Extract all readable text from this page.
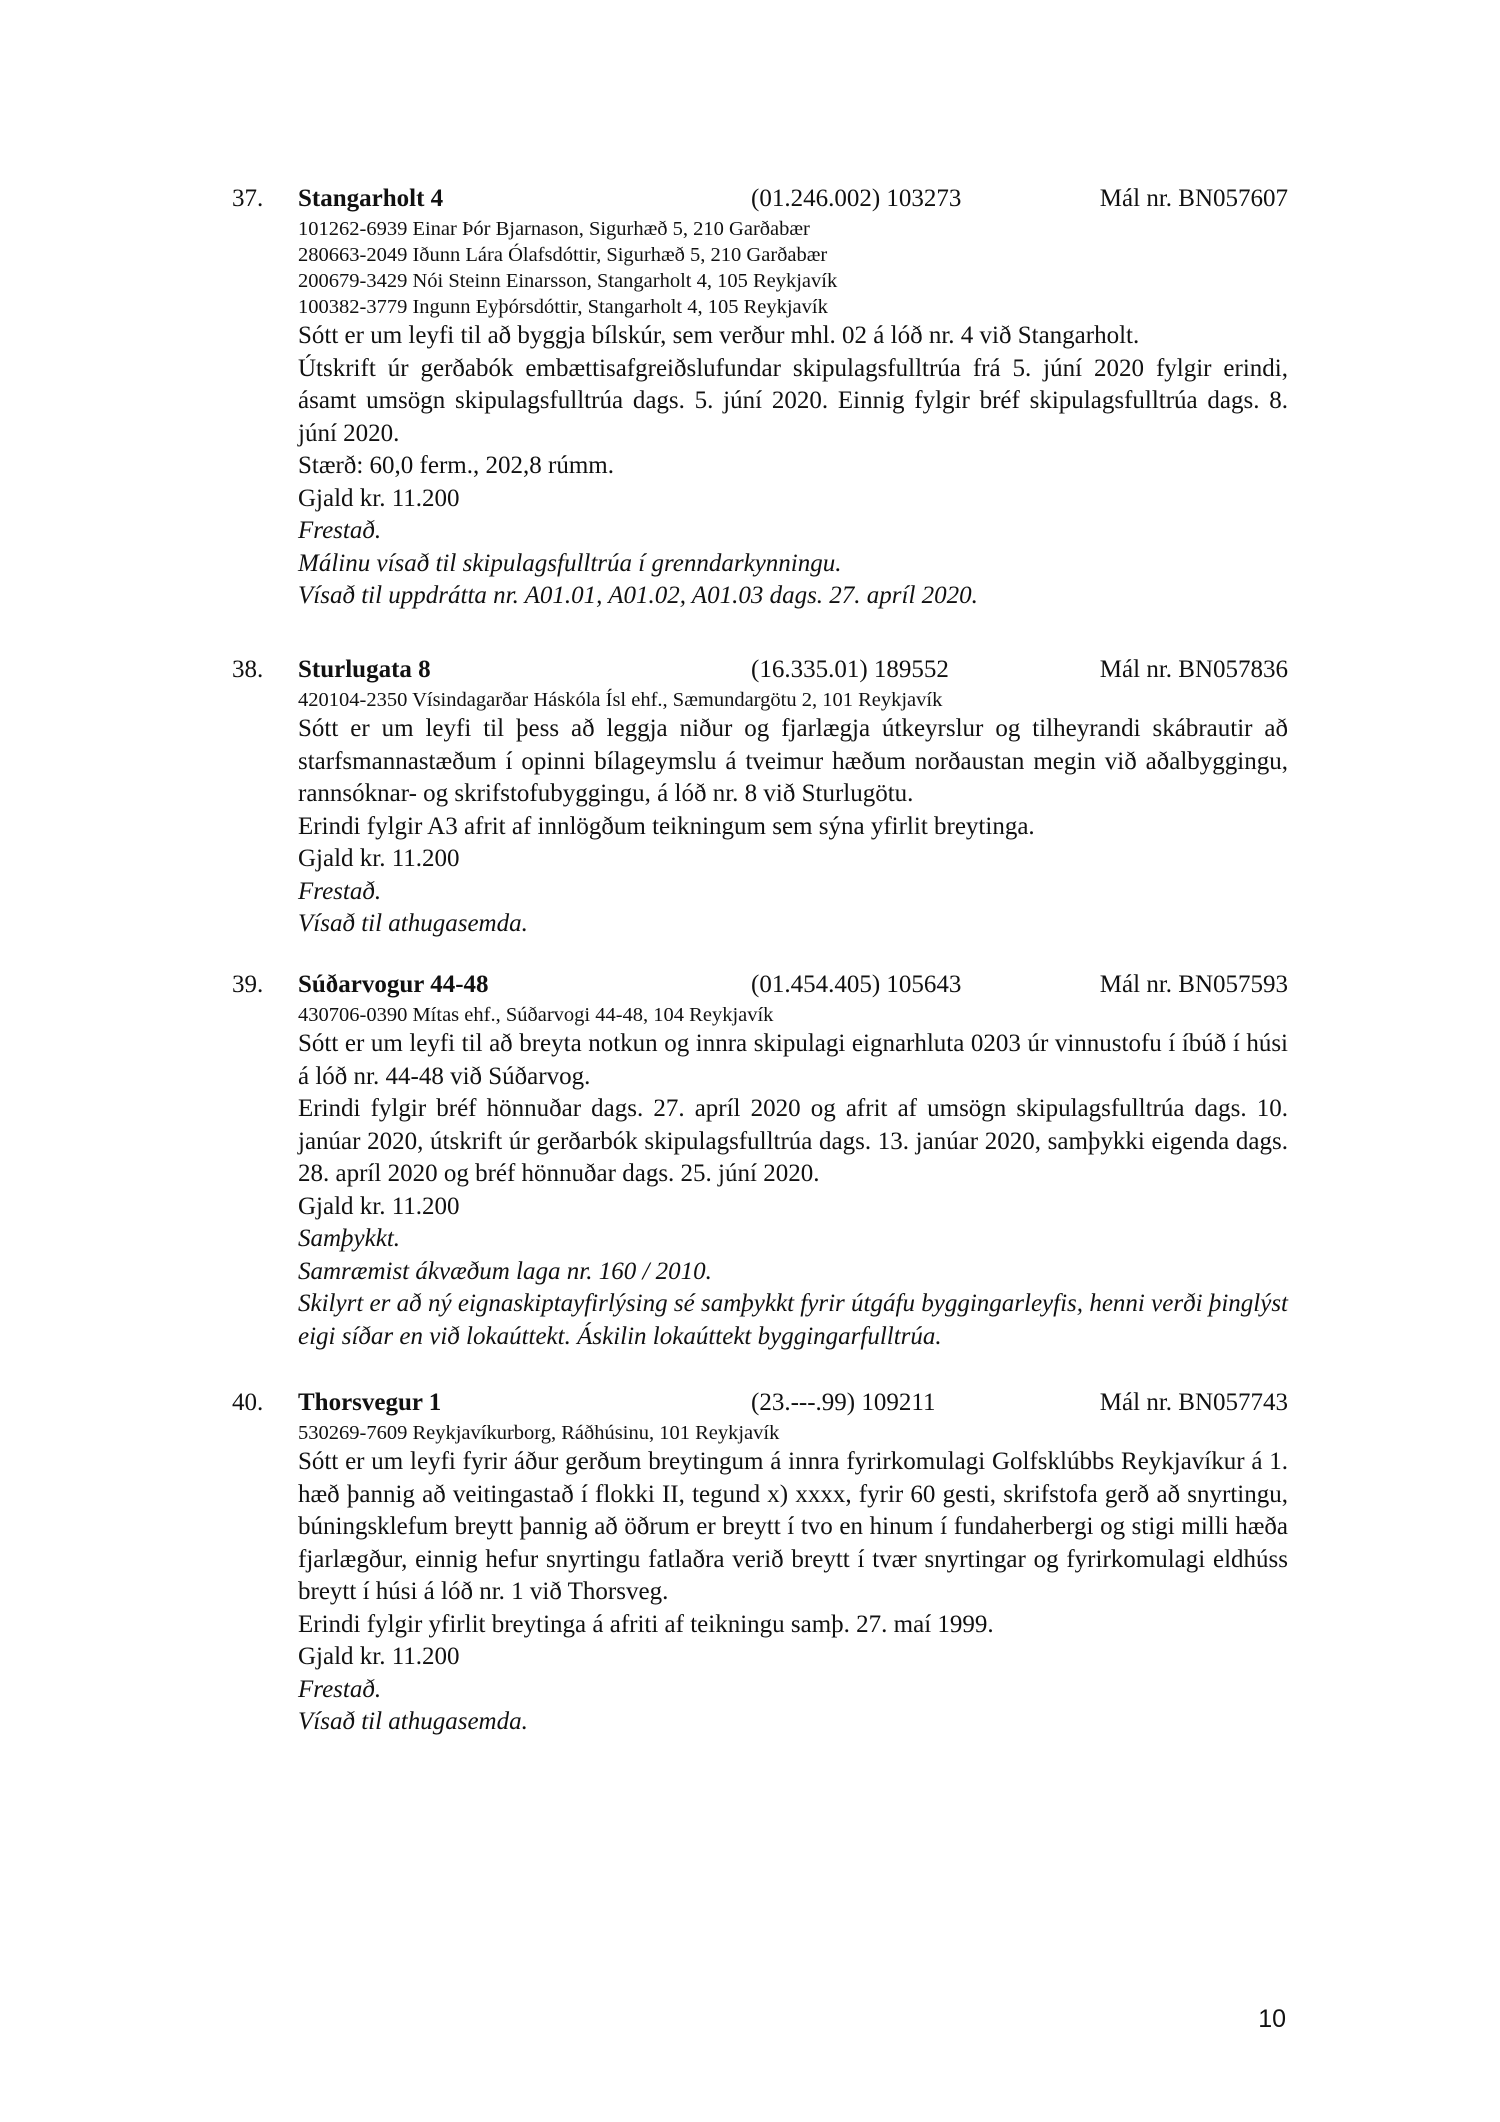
37. Stangarholt 4	(01.246.002) 103273	Mál nr. BN057607
101262-6939 Einar Þór Bjarnason, Sigurhæð 5, 210 Garðabær
280663-2049 Iðunn Lára Ólafsdóttir, Sigurhæð 5, 210 Garðabær
200679-3429 Nói Steinn Einarsson, Stangarholt 4, 105 Reykjavík
100382-3779 Ingunn Eyþórsdóttir, Stangarholt 4, 105 Reykjavík
Sótt er um leyfi til að byggja bílskúr, sem verður mhl. 02 á lóð nr. 4 við Stangarholt.
Útskrift úr gerðabók embættisafgreiðslufundar skipulagsfulltrúa frá 5. júní 2020 fylgir erindi, ásamt umsögn skipulagsfulltrúa dags. 5. júní 2020. Einnig fylgir bréf skipulagsfulltrúa dags. 8. júní 2020.
Stærð: 60,0 ferm., 202,8 rúmm.
Gjald kr. 11.200
Frestað.
Málinu vísað til skipulagsfulltrúa í grenndarkynningu.
Vísað til uppdrátta nr. A01.01, A01.02, A01.03 dags. 27. apríl 2020.
38. Sturlugata 8	(16.335.01) 189552	Mál nr. BN057836
420104-2350 Vísindagarðar Háskóla Ísl ehf., Sæmundargötu 2, 101 Reykjavík
Sótt er um leyfi til þess að leggja niður og fjarlægja útkeyrslur og tilheyrandi skábrautir að starfsmannastæðum í opinni bílageymslu á tveimur hæðum norðaustan megin við aðalbyggingu, rannsóknar- og skrifstofubyggingu, á lóð nr. 8 við Sturlugötu.
Erindi fylgir A3 afrit af innlögðum teikningum sem sýna yfirlit breytinga.
Gjald kr. 11.200
Frestað.
Vísað til athugasemda.
39. Súðarvogur 44-48	(01.454.405) 105643	Mál nr. BN057593
430706-0390 Mítas ehf., Súðarvogi 44-48, 104 Reykjavík
Sótt er um leyfi til að breyta notkun og innra skipulagi eignarhluta 0203 úr vinnustofu í íbúð í húsi á lóð nr. 44-48 við Súðarvog.
Erindi fylgir bréf hönnuðar dags. 27. apríl 2020 og afrit af umsögn skipulagsfulltrúa dags. 10. janúar 2020, útskrift úr gerðarbók skipulagsfulltrúa dags. 13. janúar 2020, samþykki eigenda dags. 28. apríl 2020 og bréf hönnuðar dags. 25. júní 2020.
Gjald kr. 11.200
Samþykkt.
Samræmist ákvæðum laga nr. 160 / 2010.
Skilyrt er að ný eignaskiptayfirlýsing sé samþykkt fyrir útgáfu byggingarleyfis, henni verði þinglýst eigi síðar en við lokaúttekt. Áskilin lokaúttekt byggingarfulltrúa.
40. Thorsvegur 1	(23.---.99) 109211	Mál nr. BN057743
530269-7609 Reykjavíkurborg, Ráðhúsinu, 101 Reykjavík
Sótt er um leyfi fyrir áður gerðum breytingum á innra fyrirkomulagi Golfsklúbbs Reykjavíkur á 1. hæð þannig að veitingastað í flokki II, tegund x) xxxx, fyrir 60 gesti, skrifstofa gerð að snyrtingu, búningsklefum breytt þannig að öðrum er breytt í tvo en hinum í fundaherbergi og stigi milli hæða fjarlægður, einnig hefur snyrtingu fatlaðra verið breytt í tvær snyrtingar og fyrirkomulagi eldhúss breytt í húsi á lóð nr. 1 við Thorsveg.
Erindi fylgir yfirlit breytinga á afriti af teikningu samþ. 27. maí 1999.
Gjald kr. 11.200
Frestað.
Vísað til athugasemda.
10
